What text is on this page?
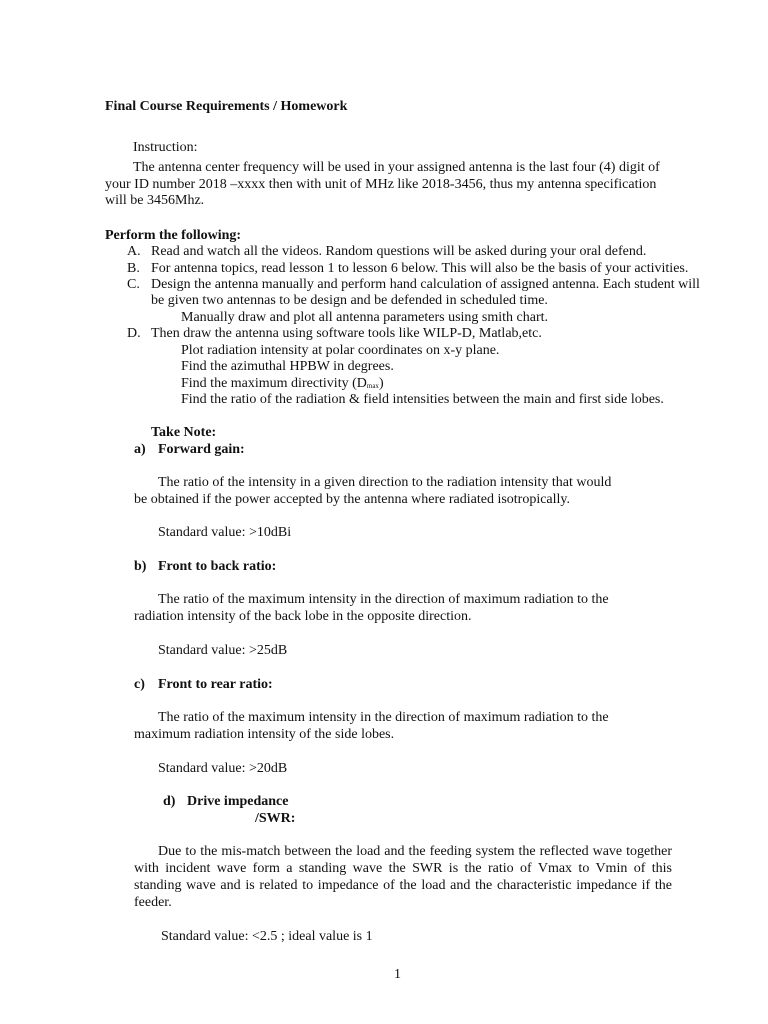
Final Course Requirements / Homework
Instruction:
The antenna center frequency will be used in your assigned antenna is the last four (4) digit of
your ID number 2018 –xxxx then with unit of MHz like 2018-3456, thus my antenna specification
will be 3456Mhz.
Perform the following:
A. Read and watch all the videos. Random questions will be asked during your oral defend.
B. For antenna topics, read lesson 1 to lesson 6 below. This will also be the basis of your activities.
C. Design the antenna manually and perform hand calculation of assigned antenna. Each student will
be given two antennas to be design and be defended in scheduled time.
Manually draw and plot all antenna parameters using smith chart.
D. Then draw the antenna using software tools like WILP-D, Matlab,etc.
Plot radiation intensity at polar coordinates on x-y plane.
Find the azimuthal HPBW in degrees.
Find the maximum directivity $(D_{max})$
Find the ratio of the radiation & field intensities between the main and first side lobes.
Take Note:
a) Forward gain:
The ratio of the intensity in a given direction to the radiation intensity that would
be obtained if the power accepted by the antenna where radiated isotropically.
Standard value: >10dBi
b) Front to back ratio:
The ratio of the maximum intensity in the direction of maximum radiation to the
radiation intensity of the back lobe in the opposite direction.
Standard value: >25dB
c) Front to rear ratio:
The ratio of the maximum intensity in the direction of maximum radiation to the
maximum radiation intensity of the side lobes.
Standard value: >20dB
d) Drive impedance
/SWR:
Due to the mis-match between the load and the feeding system the reflected wave together with incident wave form a standing wave the SWR is the ratio of Vmax to Vmin of this standing wave and is related to impedance of the load and the characteristic impedance if the feeder.
Standard value: <2.5 ; ideal value is 1
1
